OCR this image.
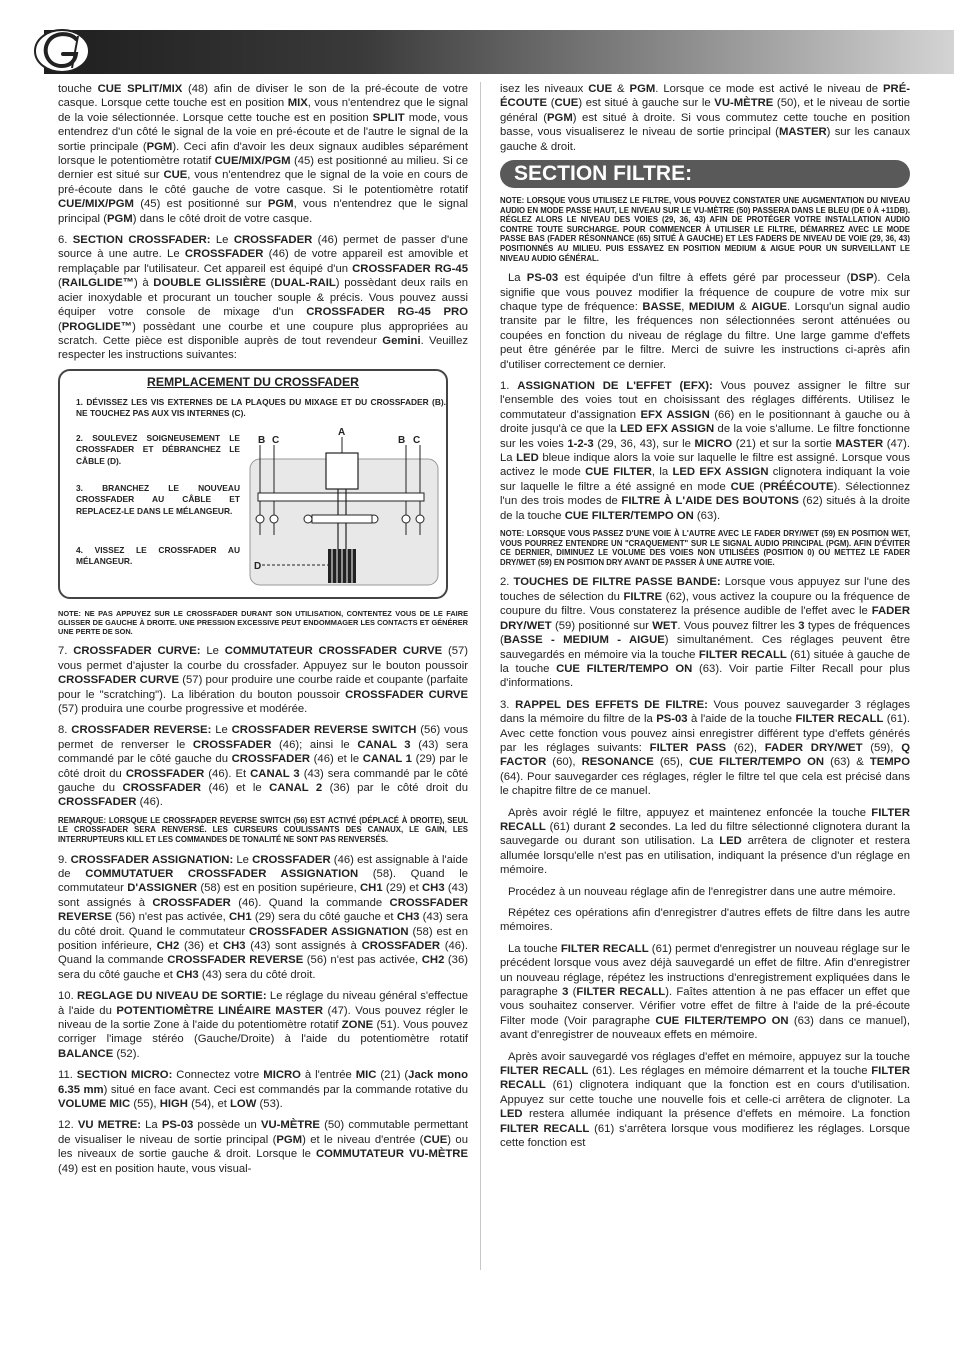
touche CUE SPLIT/MIX (48) afin de diviser le son de la pré-écoute de votre casque. Lorsque cette touche est en position MIX, vous n'entendrez que le signal de la voie sélectionnée. Lorsque cette touche est en position SPLIT mode, vous entendrez d'un côté le signal de la voie en pré-écoute et de l'autre le signal de la sortie principale (PGM). Ceci afin d'avoir les deux signaux audibles séparément lorsque le potentiomètre rotatif CUE/MIX/PGM (45) est positionné au milieu. Si ce dernier est situé sur CUE, vous n'entendrez que le signal de la voie en cours de pré-écoute dans le côté gauche de votre casque. Si le potentiomètre rotatif CUE/MIX/PGM (45) est positionné sur PGM, vous n'entendrez que le signal principal (PGM) dans le côté droit de votre casque.

6. SECTION CROSSFADER: Le CROSSFADER (46) permet de passer d'une source à une autre. Le CROSSFADER (46) de votre appareil est amovible et remplaçable par l'utilisateur. Cet appareil est équipé d'un CROSSFADER RG-45 (RAILGLIDE™) à DOUBLE GLISSIÈRE (DUAL-RAIL) possèdant deux rails en acier inoxydable et procurant un toucher souple & précis. Vous pouvez aussi équiper votre console de mixage d'un CROSSFADER RG-45 PRO (PROGLIDE™) possèdant une courbe et une coupure plus appropriées au scratch. Cette pièce est disponible auprès de tout revendeur Gemini. Veuillez respecter les instructions suivantes:

REMPLACEMENT DU CROSSFADER
1. DÉVISSEZ LES VIS EXTERNES DE LA PLAQUES DU MIXAGE ET DU CROSSFADER (B). NE TOUCHEZ PAS AUX VIS INTERNES (C).
2. SOULEVEZ SOIGNEUSEMENT LE CROSSFADER ET DÉBRANCHEZ LE CÂBLE (D).
3. BRANCHEZ LE NOUVEAU CROSSFADER AU CÂBLE ET REPLACEZ-LE DANS LE MÉLANGEUR.
4. VISSEZ LE CROSSFADER AU MÉLANGEUR.
B C
A
D
B C
NOTE: NE PAS APPUYEZ SUR LE CROSSFADER DURANT SON UTILISATION, CONTENTEZ VOUS DE LE FAIRE GLISSER DE GAUCHE À DROITE. UNE PRESSION EXCESSIVE PEUT ENDOMMAGER LES CONTACTS ET GÉNÉRER UNE PERTE DE SON.

7. CROSSFADER CURVE: Le COMMUTATEUR CROSSFADER CURVE (57) vous permet d'ajuster la courbe du crossfader. Appuyez sur le bouton poussoir CROSSFADER CURVE (57) pour produire une courbe raide et coupante (parfaite pour le "scratching"). La libération du bouton poussoir CROSSFADER CURVE (57) produira une courbe progressive et modérée.

8. CROSSFADER REVERSE: Le CROSSFADER REVERSE SWITCH (56) vous permet de renverser le CROSSFADER (46); ainsi le CANAL 3 (43) sera commandé par le côté gauche du CROSSFADER (46) et le CANAL 1 (29) par le côté droit du CROSSFADER (46). Et CANAL 3 (43) sera commandé par le côté gauche du CROSSFADER (46) et le CANAL 2 (36) par le côté droit du CROSSFADER (46).

REMARQUE: LORSQUE LE CROSSFADER REVERSE SWITCH (56) EST ACTIVÉ (DÉPLACÉ À DROITE), SEUL LE CROSSFADER SERA RENVERSÉ. LES CURSEURS COULISSANTS DES CANAUX, LE GAIN, LES INTERRUPTEURS KILL ET LES COMMANDES DE TONALITÉ NE SONT PAS RENVERSÉS.

9. CROSSFADER ASSIGNATION: Le CROSSFADER (46) est assignable à l'aide de COMMUTATUER CROSSFADER ASSIGNATION (58). Quand le commutateur D'ASSIGNER (58) est en position supérieure, CH1 (29) et CH3 (43) sont assignés à CROSSFADER (46). Quand la commande CROSSFADER REVERSE (56) n'est pas activée, CH1 (29) sera du côté gauche et CH3 (43) sera du côté droit. Quand le commutateur CROSSFADER ASSIGNATION (58) est en position inférieure, CH2 (36) et CH3 (43) sont assignés à CROSSFADER (46). Quand la commande CROSSFADER REVERSE (56) n'est pas activée, CH2 (36) sera du côté gauche et CH3 (43) sera du côté droit.

10. REGLAGE DU NIVEAU DE SORTIE: Le réglage du niveau général s'effectue à l'aide du POTENTIOMÈTRE LINÉAIRE MASTER (47). Vous pouvez régler le niveau de la sortie Zone à l'aide du potentiomètre rotatif ZONE (51). Vous pouvez corriger l'image stéréo (Gauche/Droite) à l'aide du potentiomètre rotatif BALANCE (52).

11. SECTION MICRO: Connectez votre MICRO à l'entrée MIC (21) (Jack mono 6.35 mm) situé en face avant. Ceci est commandés par la commande rotative du VOLUME MIC (55), HIGH (54), et LOW (53).

12. VU METRE: La PS-03 possède un VU-MÈTRE (50) commutable permettant de visualiser le niveau de sortie principal (PGM) et le niveau d'entrée (CUE) ou les niveaux de sortie gauche & droit. Lorsque le COMMUTATEUR VU-MÈTRE (49) est en position haute, vous visual-

isez les niveaux CUE & PGM. Lorsque ce mode est activé le niveau de PRÉ-ÉCOUTE (CUE) est situé à gauche sur le VU-MÈTRE (50), et le niveau de sortie général (PGM) est situé à droite. Si vous commutez cette touche en position basse, vous visualiserez le niveau de sortie principal (MASTER) sur les canaux gauche & droit.

SECTION FILTRE:
NOTE: LORSQUE VOUS UTILISEZ LE FILTRE, VOUS POUVEZ CONSTATER UNE AUGMENTATION DU NIVEAU AUDIO EN MODE PASSE HAUT, LE NIVEAU SUR LE VU-MÈTRE (50) PASSERA DANS LE BLEU (DE 0 À +11DB). RÉGLEZ ALORS LE NIVEAU DES VOIES (29, 36, 43) AFIN DE PROTÉGER VOTRE INSTALLATION AUDIO CONTRE TOUTE SURCHARGE. POUR COMMENCER À UTILISER LE FILTRE, DÉMARREZ AVEC LE MODE PASSE BAS (FADER RÉSONNANCE (65) SITUÉ À GAUCHE) ET LES FADERS DE NIVEAU DE VOIE (29, 36, 43) POSITIONNÉS AU MILIEU. PUIS ESSAYEZ EN POSITION MEDIUM & AIGUE POUR UN SURVEILLANT LE NIVEAU AUDIO GÉNÉRAL.

La PS-03 est équipée d'un filtre à effets géré par processeur (DSP). Cela signifie que vous pouvez modifier la fréquence de coupure de votre mix sur chaque type de fréquence: BASSE, MEDIUM & AIGUE. Lorsqu'un signal audio transite par le filtre, les fréquences non sélectionnées seront atténuées ou coupées en fonction du niveau de réglage du filtre. Une large gamme d'effets peut être générée par le filtre. Merci de suivre les instructions ci-après afin d'utiliser correctement ce dernier.

1. ASSIGNATION DE L'EFFET (EFX): Vous pouvez assigner le filtre sur l'ensemble des voies tout en choisissant des réglages différents. Utilisez le commutateur d'assignation EFX ASSIGN (66) en le positionnant à gauche ou à droite jusqu'à ce que la LED EFX ASSIGN de la voie s'allume. Le filtre fonctionne sur les voies 1-2-3 (29, 36, 43), sur le MICRO (21) et sur la sortie MASTER (47). La LED bleue indique alors la voie sur laquelle le filtre est assigné. Lorsque vous activez le mode CUE FILTER, la LED EFX ASSIGN clignotera indiquant la voie sur laquelle le filtre a été assigné en mode CUE (PRÉÉCOUTE). Sélectionnez l'un des trois modes de FILTRE À L'AIDE DES BOUTONS (62) situés à la droite de la touche CUE FILTER/TEMPO ON (63).

NOTE: LORSQUE VOUS PASSEZ D'UNE VOIE À L'AUTRE AVEC LE FADER DRY/WET (59) EN POSITION WET, VOUS POURREZ ENTENDRE UN "CRAQUEMENT" SUR LE SIGNAL AUDIO PRINCIPAL (PGM). AFIN D'ÉVITER CE DERNIER, DIMINUEZ LE VOLUME DES VOIES NON UTILISÉES (POSITION 0) OU METTEZ LE FADER DRY/WET (59) EN POSITION DRY AVANT DE PASSER À UNE AUTRE VOIE.

2. TOUCHES DE FILTRE PASSE BANDE: Lorsque vous appuyez sur l'une des touches de sélection du FILTRE (62), vous activez la coupure ou la fréquence de coupure du filtre. Vous constaterez la présence audible de l'effet avec le FADER DRY/WET (59) positionné sur WET. Vous pouvez filtrer les 3 types de fréquences (BASSE - MEDIUM - AIGUE) simultanément. Ces réglages peuvent être sauvegardés en mémoire via la touche FILTER RECALL (61) située à gauche de la touche CUE FILTER/TEMPO ON (63). Voir partie Filter Recall pour plus d'informations.

3. RAPPEL DES EFFETS DE FILTRE: Vous pouvez sauvegarder 3 réglages dans la mémoire du filtre de la PS-03 à l'aide de la touche FILTER RECALL (61). Avec cette fonction vous pouvez ainsi enregistrer différent type d'effets générés par les réglages suivants: FILTER PASS (62), FADER DRY/WET (59), Q FACTOR (60), RESONANCE (65), CUE FILTER/TEMPO ON (63) & TEMPO (64). Pour sauvegarder ces réglages, régler le filtre tel que cela est précisé dans le chapitre filtre de ce manuel.

Après avoir réglé le filtre, appuyez et maintenez enfoncée la touche FILTER RECALL (61) durant 2 secondes. La led du filtre sélectionné clignotera durant la sauvegarde ou durant son utilisation. La LED arrêtera de clignoter et restera allumée lorsqu'elle n'est pas en utilisation, indiquant la présence d'un réglage en mémoire.

Procédez à un nouveau réglage afin de l'enregistrer dans une autre mémoire.

Répétez ces opérations afin d'enregistrer d'autres effets de filtre dans les autre mémoires.

La touche FILTER RECALL (61) permet d'enregistrer un nouveau réglage sur le précédent lorsque vous avez déjà sauvegardé un effet de filtre. Afin d'enregistrer un nouveau réglage, répétez les instructions d'enregistrement expliquées dans le paragraphe 3 (FILTER RECALL). Faîtes attention à ne pas effacer un effet que vous souhaitez conserver. Vérifier votre effet de filtre à l'aide de la pré-écoute Filter mode (Voir paragraphe CUE FILTER/TEMPO ON (63) dans ce manuel), avant d'enregistrer de nouveaux effets en mémoire.

Après avoir sauvegardé vos réglages d'effet en mémoire, appuyez sur la touche FILTER RECALL (61). Les réglages en mémoire démarrent et la touche FILTER RECALL (61) clignotera indiquant que la fonction est en cours d'utilisation. Appuyez sur cette touche une nouvelle fois et celle-ci arrêtera de clignoter. La LED restera allumée indiquant la présence d'effets en mémoire. La fonction FILTER RECALL (61) s'arrêtera lorsque vous modifierez les réglages. Lorsque cette fonction est
